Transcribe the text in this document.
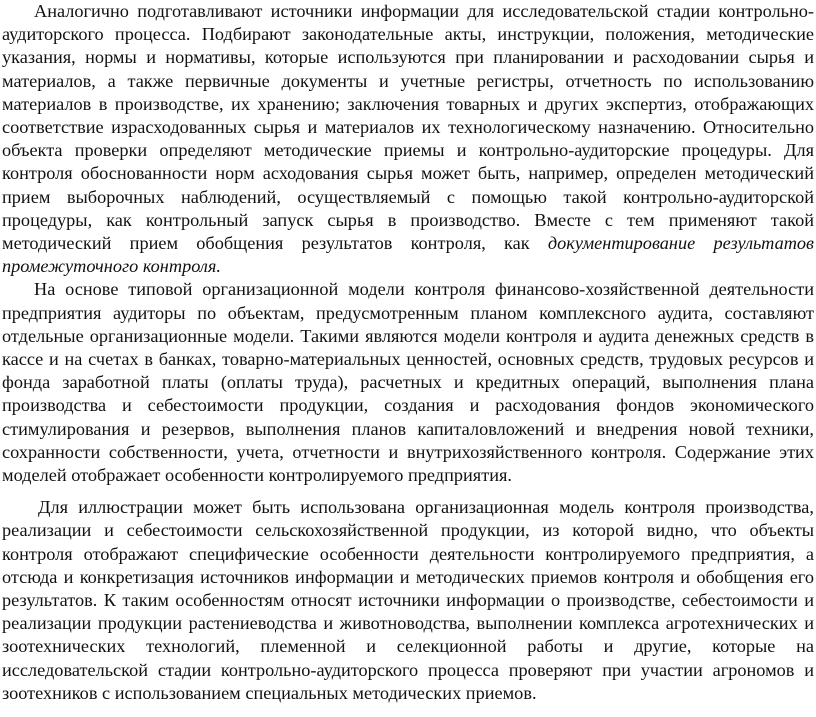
Аналогично подготавливают источники информации для исследовательской стадии контрольно-аудиторского процесса. Подбирают законодательные акты, инструкции, положения, методические указания, нормы и нормативы, которые используются при планировании и расходовании сырья и материалов, а также первичные документы и учетные регистры, отчетность по использованию материалов в производстве, их хранению; заключения товарных и других экспертиз, отображающих соответствие израсходованных сырья и материалов их технологическому назначению. Относительно объекта проверки определяют методические приемы и контрольно-аудиторские процедуры. Для контроля обоснованности норм асходования сырья может быть, например, определен методический прием выборочных наблюдений, осуществляемый с помощью такой контрольно-аудиторской процедуры, как контрольный запуск сырья в производство. Вместе с тем применяют такой методический прием обобщения результатов контроля, как документирование результатов промежуточного контроля.

На основе типовой организационной модели контроля финансово-хозяйственной деятельности предприятия аудиторы по объектам, предусмотренным планом комплексного аудита, составляют отдельные организационные модели. Такими являются модели контроля и аудита денежных средств в кассе и на счетах в банках, товарно-материальных ценностей, основных средств, трудовых ресурсов и фонда заработной платы (оплаты труда), расчетных и кредитных операций, выполнения плана производства и себестоимости продукции, создания и расходования фондов экономического стимулирования и резервов, выполнения планов капиталовложений и внедрения новой техники, сохранности собственности, учета, отчетности и внутрихозяйственного контроля. Содержание этих моделей отображает особенности контролируемого предприятия.

Для иллюстрации может быть использована организационная модель контроля производства, реализации и себестоимости сельскохозяйственной продукции, из которой видно, что объекты контроля отображают специфические особенности деятельности контролируемого предприятия, а отсюда и конкретизация источников информации и методических приемов контроля и обобщения его результатов. К таким особенностям относят источники информации о производстве, себестоимости и реализации продукции растениеводства и животноводства, выполнении комплекса агротехнических и зоотехнических технологий, племенной и селекционной работы и другие, которые на исследовательской стадии контрольно-аудиторского процесса проверяют при участии агрономов и зоотехников с использованием специальных методических приемов.
